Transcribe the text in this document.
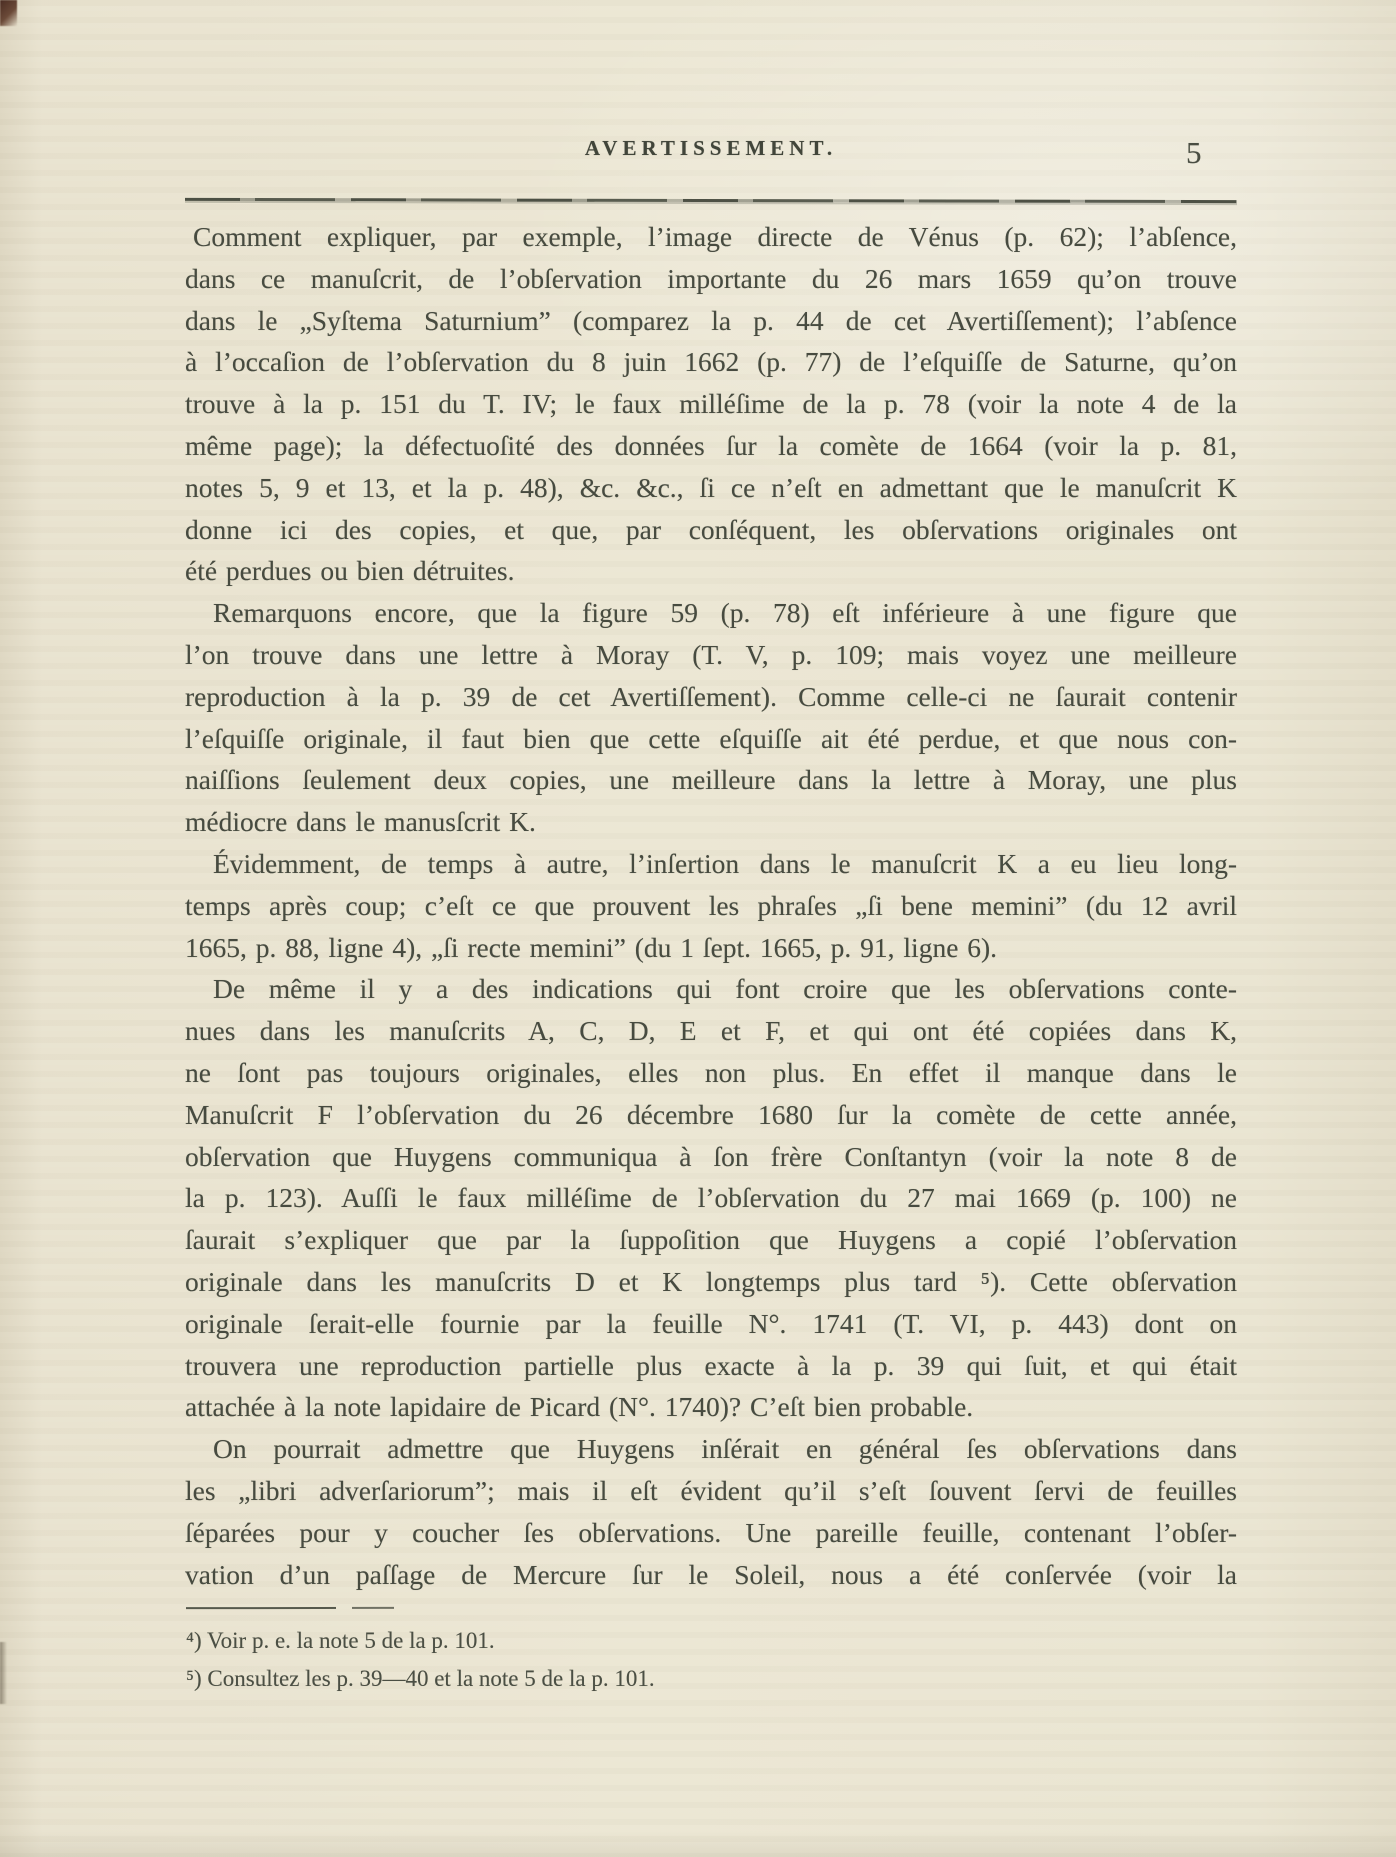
AVERTISSEMENT.	5
Comment expliquer, par exemple, l’image directe de Vénus (p. 62); l’abſence,
dans ce manuſcrit, de l’obſervation importante du 26 mars 1659 qu’on trouve
dans le „Syſtema Saturnium” (comparez la p. 44 de cet Avertiſſement); l’abſence
à l’occaſion de l’obſervation du 8 juin 1662 (p. 77) de l’eſquiſſe de Saturne, qu’on
trouve à la p. 151 du T. IV; le faux milléſime de la p. 78 (voir la note 4 de la
même page); la défectuoſité des données ſur la comète de 1664 (voir la p. 81,
notes 5, 9 et 13, et la p. 48), &c. &c., ſi ce n’eſt en admettant que le manuſcrit K
donne ici des copies, et que, par conſéquent, les obſervations originales ont
été perdues ou bien détruites.
Remarquons encore, que la figure 59 (p. 78) eſt inférieure à une figure que
l’on trouve dans une lettre à Moray (T. V, p. 109; mais voyez une meilleure
reproduction à la p. 39 de cet Avertiſſement). Comme celle-ci ne ſaurait contenir
l’eſquiſſe originale, il faut bien que cette eſquiſſe ait été perdue, et que nous con-
naiſſions ſeulement deux copies, une meilleure dans la lettre à Moray, une plus
médiocre dans le manusſcrit K.
Évidemment, de temps à autre, l’inſertion dans le manuſcrit K a eu lieu long-
temps après coup; c’eſt ce que prouvent les phraſes „ſi bene memini” (du 12 avril
1665, p. 88, ligne 4), „ſi recte memini” (du 1 ſept. 1665, p. 91, ligne 6).
De même il y a des indications qui font croire que les obſervations conte-
nues dans les manuſcrits A, C, D, E et F, et qui ont été copiées dans K,
ne ſont pas toujours originales, elles non plus. En effet il manque dans le
Manuſcrit F l’obſervation du 26 décembre 1680 ſur la comète de cette année,
obſervation que Huygens communiqua à ſon frère Conſtantyn (voir la note 8 de
la p. 123). Auſſi le faux milléſime de l’obſervation du 27 mai 1669 (p. 100) ne
ſaurait s’expliquer que par la ſuppoſition que Huygens a copié l’obſervation
originale dans les manuſcrits D et K longtemps plus tard ⁵). Cette obſervation
originale ſerait-elle fournie par la feuille N°. 1741 (T. VI, p. 443) dont on
trouvera une reproduction partielle plus exacte à la p. 39 qui ſuit, et qui était
attachée à la note lapidaire de Picard (N°. 1740)? C’eſt bien probable.
On pourrait admettre que Huygens inſérait en général ſes obſervations dans
les „libri adverſariorum”; mais il eſt évident qu’il s’eſt ſouvent ſervi de feuilles
ſéparées pour y coucher ſes obſervations. Une pareille feuille, contenant l’obſer-
vation d’un paſſage de Mercure ſur le Soleil, nous a été conſervée (voir la
⁴) Voir p. e. la note 5 de la p. 101.
⁵) Consultez les p. 39—40 et la note 5 de la p. 101.
